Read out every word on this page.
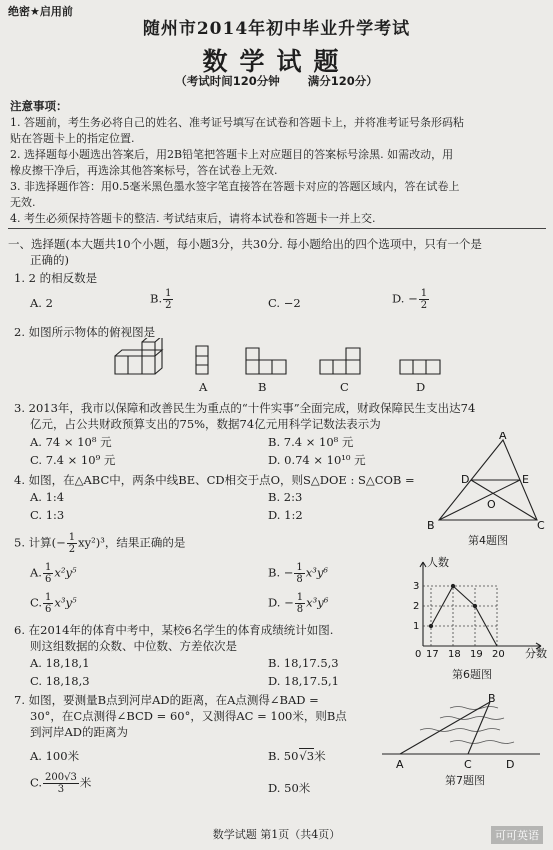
绝密★启用前
随州市2014年初中毕业升学考试
数学试题
（考试时间120分钟 满分120分）
注意事项：
1. 答题前，考生务必将自己的姓名、准考证号填写在试卷和答题卡上，并将准考证号条形码粘
贴在答题卡上的指定位置.
2. 选择题每小题选出答案后，用2B铅笔把答题卡上对应题目的答案标号涂黑. 如需改动，用
橡皮擦干净后，再选涂其他答案标号，答在试卷上无效.
3. 非选择题作答：用0.5毫米黑色墨水签字笔直接答在答题卡对应的答题区域内，答在试卷上
无效.
4. 考生必须保持答题卡的整洁. 考试结束后，请将本试卷和答题卡一并上交.
一、选择题(本大题共10个小题，每小题3分，共30分. 每小题给出的四个选项中，只有一个是
正确的)
1. 2 的相反数是
A. 2	B. $\frac{1}{2}$	C. −2	D. − $\frac{1}{2}$
2. 如图所示物体的俯视图是
A	B	C	D
3. 2013年，我市以保障和改善民生为重点的“十件实事”全面完成，财政保障民生支出达74
亿元，占公共财政预算支出的75%，数据74亿元用科学记数法表示为
A. 74 × 10⁸ 元	B. 7.4 × 10⁸ 元
C. 7.4 × 10⁹ 元	D. 0.74 × 10¹⁰ 元
4. 如图，在△ABC中，两条中线BE、CD相交于点O，则S△DOE : S△COB =
A. 1:4	B. 2:3
C. 1:3	D. 1:2
A
B	C
D	E
O
第4题图
5. 计算(− $\frac{1}{2} xy^2)^3$，结果正确的是
A. $\frac{1}{6} x^2y^5$	B. − $\frac{1}{8} x^3y^6$
C. $\frac{1}{6} x^3y^5$	D. − $\frac{1}{8} x^3y^6$
1
2
3
0 17 18 19 20
人数
分数
第6题图
6. 在2014年的体育中考中，某校6名学生的体育成绩统计如图.
则这组数据的众数、中位数、方差依次是
A. 18,18,1	B. 18,17.5,3
C. 18,18,3	D. 18,17.5,1
7. 如图，要测量B点到河岸AD的距离，在A点测得∠BAD =
30°，在C点测得∠BCD = 60°，又测得AC = 100米，则B点
到河岸AD的距离为
A. 100米	B. 50√3米
C. $\frac{200√3}{3}$ 米	D. 50米
B
A	C	D
第7题图
数学试题 第1页（共4页）	可可英语
